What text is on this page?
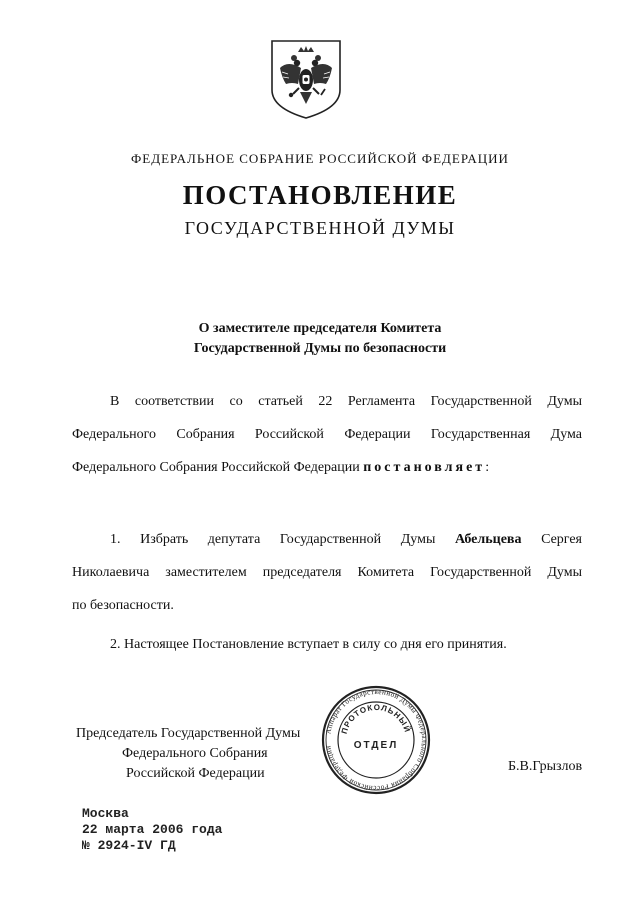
ФЕДЕРАЛЬНОЕ СОБРАНИЕ РОССИЙСКОЙ ФЕДЕРАЦИИ
ПОСТАНОВЛЕНИЕ
ГОСУДАРСТВЕННОЙ ДУМЫ
О заместителе председателя Комитета
Государственной Думы по безопасности
В соответствии со статьей 22 Регламента Государственной Думы
Федерального Собрания Российской Федерации Государственная Дума
Федерального Собрания Российской Федерации постановляет:
1. Избрать депутата Государственной Думы Абельцева Сергея
Николаевича заместителем председателя Комитета Государственной Думы
по безопасности.
2. Настоящее Постановление вступает в силу со дня его принятия.
Председатель Государственной Думы
Федерального Собрания
Российской Федерации
Аппарат Государственной Думы Федерального Собрания Российской Федерации
ПРОТОКОЛЬНЫЙ
ОТДЕЛ
Б.В.Грызлов
Москва
22 марта 2006 года
№ 2924-IV ГД
